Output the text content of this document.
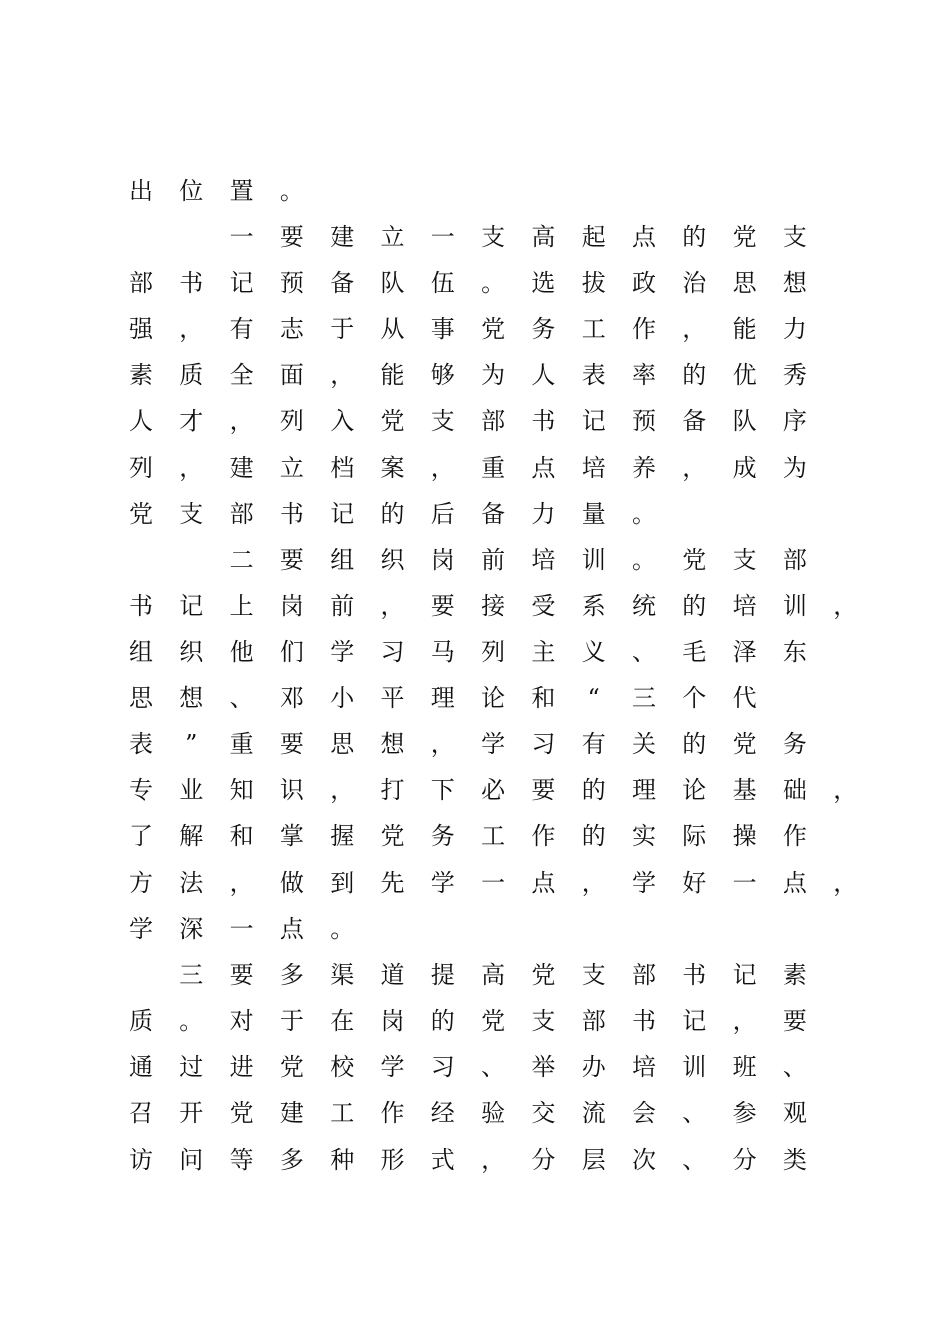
出	位	置	。
一	要	建	立	一	支	高	起	点	的	党	支
部	书	记	预	备	队	伍	。	选	拔	政	治	思	想
强	，	有	志	于	从	事	党	务	工	作	，	能	力
素	质	全	面	，	能	够	为	人	表	率	的	优	秀
人	才	，	列	入	党	支	部	书	记	预	备	队	序
列	，	建	立	档	案	，	重	点	培	养	，	成	为
党	支	部	书	记	的	后	备	力	量	。
二	要	组	织	岗	前	培	训	。	党	支	部
书	记	上	岗	前	，	要	接	受	系	统	的	培	训	，
组	织	他	们	学	习	马	列	主	义	、	毛	泽	东
思	想	、	邓	小	平	理	论	和	“	三	个	代
表	”	重	要	思	想	，	学	习	有	关	的	党	务
专	业	知	识	，	打	下	必	要	的	理	论	基	础	，
了	解	和	掌	握	党	务	工	作	的	实	际	操	作
方	法	，	做	到	先	学	一	点	，	学	好	一	点	，
学	深	一	点	。
三	要	多	渠	道	提	高	党	支	部	书	记	素
质	。	对	于	在	岗	的	党	支	部	书	记	，	要
通	过	进	党	校	学	习	、	举	办	培	训	班	、
召	开	党	建	工	作	经	验	交	流	会	、	参	观
访	问	等	多	种	形	式	，	分	层	次	、	分	类
